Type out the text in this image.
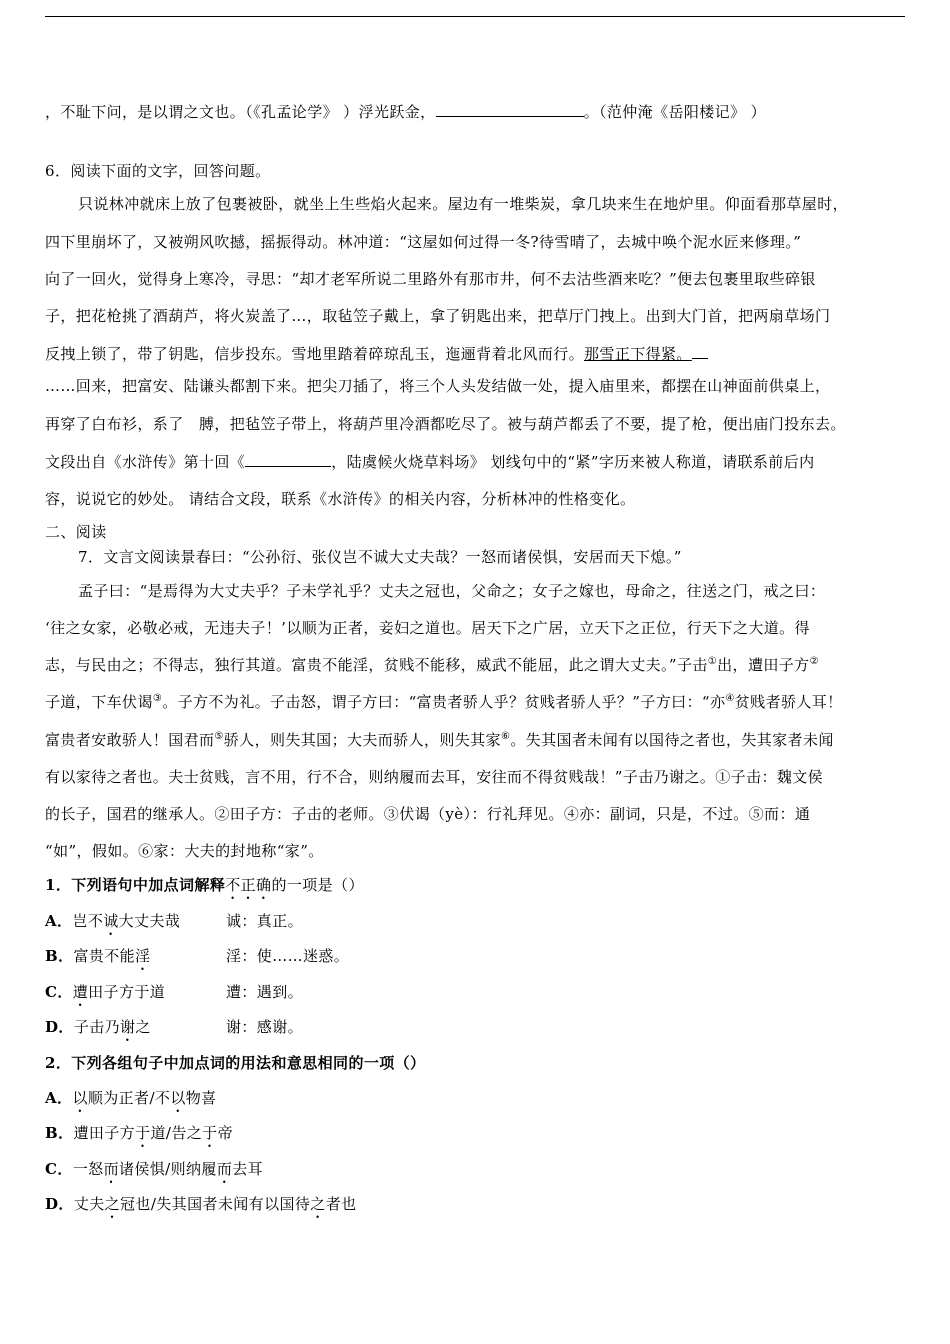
，不耻下问，是以谓之文也。（《孔孟论学》 ）浮光跃金，	。（范仲淹《岳阳楼记》 ）
6．阅读下面的文字，回答问题。
只说林冲就床上放了包裹被卧，就坐上生些焰火起来。屋边有一堆柴炭，拿几块来生在地炉里。仰面看那草屋时，
四下里崩坏了，又被朔风吹撼，摇振得动。林冲道：“这屋如何过得一冬?待雪晴了，去城中唤个泥水匠来修理。”
向了一回火，觉得身上寒冷，寻思：“却才老军所说二里路外有那市井，何不去沽些酒来吃？”便去包裹里取些碎银
子，把花枪挑了酒葫芦，将火炭盖了…，取毡笠子戴上，拿了钥匙出来，把草厅门拽上。出到大门首，把两扇草场门
反拽上锁了，带了钥匙，信步投东。雪地里踏着碎琼乱玉，迤逦背着北风而行。那雪正下得紧。
……回来，把富安、陆谦头都割下来。把尖刀插了，将三个人头发结做一处，提入庙里来，都摆在山神面前供桌上，
再穿了白布衫，系了　膊，把毡笠子带上，将葫芦里冷酒都吃尽了。被与葫芦都丢了不要，提了枪，便出庙门投东去。
文段出自《水浒传》第十回《	，陆虞候火烧草料场》 划线句中的“紧”字历来被人称道，请联系前后内
容，说说它的妙处。 请结合文段，联系《水浒传》的相关内容，分析林冲的性格变化。
二、阅读
7．文言文阅读景春曰：“公孙衍、张仪岂不诚大丈夫哉？一怒而诸侯惧，安居而天下熄。”
孟子曰：“是焉得为大丈夫乎？子未学礼乎？丈夫之冠也，父命之；女子之嫁也，母命之，往送之门，戒之曰：
‘往之女家，必敬必戒，无违夫子！’以顺为正者，妾妇之道也。居天下之广居，立天下之正位，行天下之大道。得
志，与民由之；不得志，独行其道。富贵不能淫，贫贱不能移，威武不能屈，此之谓大丈夫。”子击①出，遭田子方②
子道，下车伏谒③。子方不为礼。子击怒，谓子方曰：“富贵者骄人乎？贫贱者骄人乎？”子方曰：“亦④贫贱者骄人耳！
富贵者安敢骄人！国君而⑤骄人，则失其国；大夫而骄人，则失其家⑥。失其国者未闻有以国待之者也，失其家者未闻
有以家待之者也。夫士贫贱，言不用，行不合，则纳履而去耳，安往而不得贫贱哉！”子击乃谢之。①子击：魏文侯
的长子，国君的继承人。②田子方：子击的老师。③伏谒（yè）：行礼拜见。④亦：副词，只是，不过。⑤而：通
“如”，假如。⑥家：大夫的封地称“家”。
1．下列语句中加点词解释不正确的一项是（）
A．岂不诚大丈夫哉	诚：真正。
B．富贵不能淫	淫：使……迷惑。
C．遭田子方于道	遭：遇到。
D．子击乃谢之	谢：感谢。
2．下列各组句子中加点词的用法和意思相同的一项（）
A．以顺为正者/不以物喜
B．遭田子方于道/告之于帝
C．一怒而诸侯惧/则纳履而去耳
D．丈夫之冠也/失其国者未闻有以国待之者也
